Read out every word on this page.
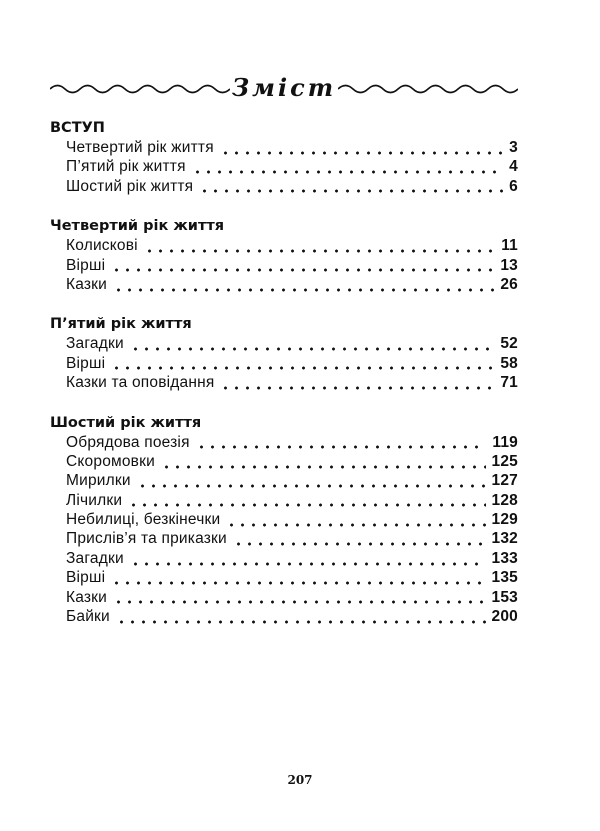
Зміст
ВСТУП
Четвертий рік життя	3
П’ятий рік життя	4
Шостий рік життя	6
Четвертий рік життя
Колискові	11
Вірші	13
Казки	26
П’ятий рік життя
Загадки	52
Вірші	58
Казки та оповідання	71
Шостий рік життя
Обрядова поезія	119
Скоромовки	125
Мирилки	127
Лічилки	128
Небилиці, безкінечки	129
Прислів’я та приказки	132
Загадки	133
Вірші	135
Казки	153
Байки	200
207
